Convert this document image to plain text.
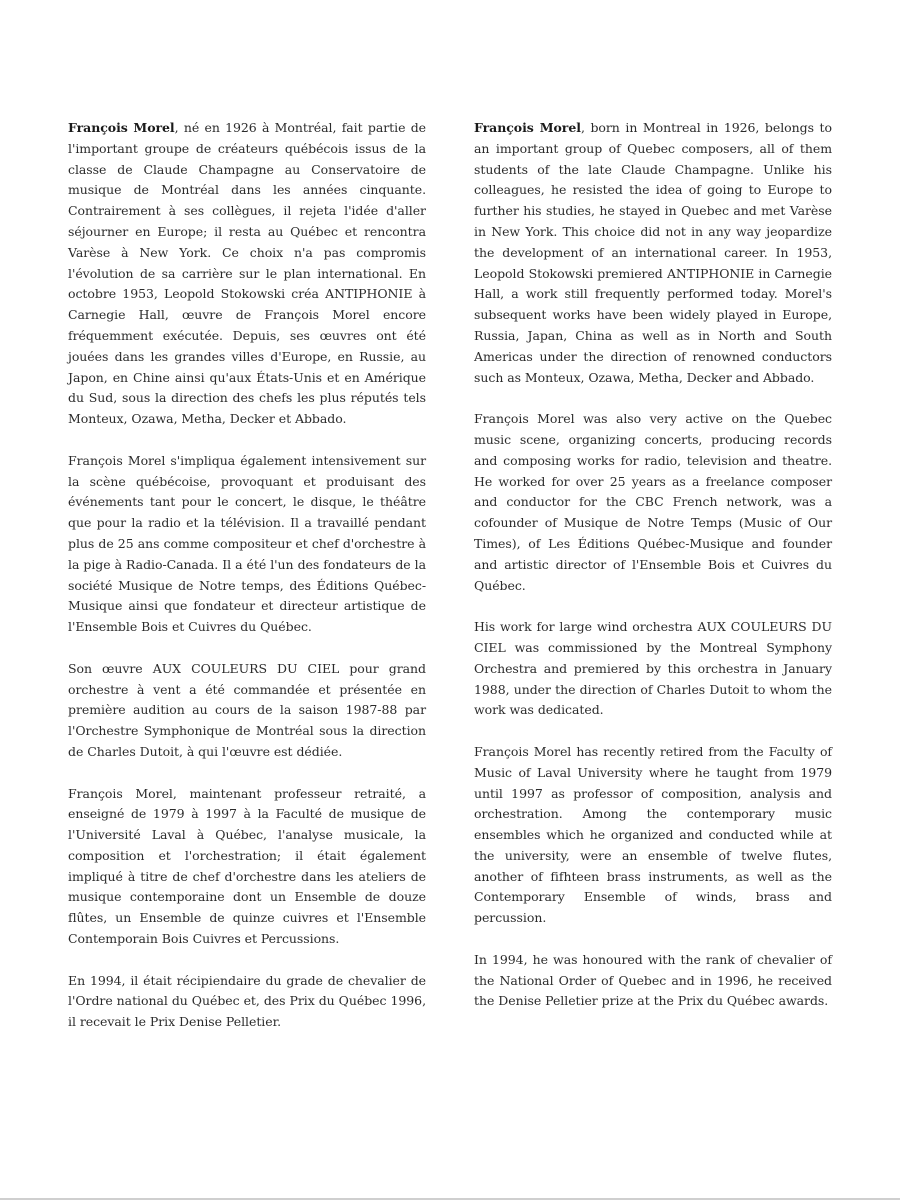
François Morel, né en 1926 à Montréal, fait partie de l'important groupe de créateurs québécois issus de la classe de Claude Champagne au Conservatoire de musique de Montréal dans les années cinquante. Contrairement à ses collègues, il rejeta l'idée d'aller séjourner en Europe; il resta au Québec et rencontra Varèse à New York. Ce choix n'a pas compromis l'évolution de sa carrière sur le plan international. En octobre 1953, Leopold Stokowski créa ANTIPHONIE à Carnegie Hall, œuvre de François Morel encore fréquemment exécutée. Depuis, ses œuvres ont été jouées dans les grandes villes d'Europe, en Russie, au Japon, en Chine ainsi qu'aux États-Unis et en Amérique du Sud, sous la direction des chefs les plus réputés tels Monteux, Ozawa, Metha, Decker et Abbado.

François Morel s'impliqua également intensivement sur la scène québécoise, provoquant et produisant des événements tant pour le concert, le disque, le théâtre que pour la radio et la télévision. Il a travaillé pendant plus de 25 ans comme compositeur et chef d'orchestre à la pige à Radio-Canada. Il a été l'un des fondateurs de la société Musique de Notre temps, des Éditions Québec-Musique ainsi que fondateur et directeur artistique de l'Ensemble Bois et Cuivres du Québec.

Son œuvre AUX COULEURS DU CIEL pour grand orchestre à vent a été commandée et présentée en première audition au cours de la saison 1987-88 par l'Orchestre Symphonique de Montréal sous la direction de Charles Dutoit, à qui l'œuvre est dédiée.

François Morel, maintenant professeur retraité, a enseigné de 1979 à 1997 à la Faculté de musique de l'Université Laval à Québec, l'analyse musicale, la composition et l'orchestration; il était également impliqué à titre de chef d'orchestre dans les ateliers de musique contemporaine dont un Ensemble de douze flûtes, un Ensemble de quinze cuivres et l'Ensemble Contemporain Bois Cuivres et Percussions.

En 1994, il était récipiendaire du grade de chevalier de l'Ordre national du Québec et, des Prix du Québec 1996, il recevait le Prix Denise Pelletier.

François Morel, born in Montreal in 1926, belongs to an important group of Quebec composers, all of them students of the late Claude Champagne. Unlike his colleagues, he resisted the idea of going to Europe to further his studies, he stayed in Quebec and met Varèse in New York. This choice did not in any way jeopardize the development of an international career. In 1953, Leopold Stokowski premiered ANTIPHONIE in Carnegie Hall, a work still frequently performed today. Morel's subsequent works have been widely played in Europe, Russia, Japan, China as well as in North and South Americas under the direction of renowned conductors such as Monteux, Ozawa, Metha, Decker and Abbado.

François Morel was also very active on the Quebec music scene, organizing concerts, producing records and composing works for radio, television and theatre. He worked for over 25 years as a freelance composer and conductor for the CBC French network, was a cofounder of Musique de Notre Temps (Music of Our Times), of Les Éditions Québec-Musique and founder and artistic director of l'Ensemble Bois et Cuivres du Québec.

His work for large wind orchestra AUX COULEURS DU CIEL was commissioned by the Montreal Symphony Orchestra and premiered by this orchestra in January 1988, under the direction of Charles Dutoit to whom the work was dedicated.

François Morel has recently retired from the Faculty of Music of Laval University where he taught from 1979 until 1997 as professor of composition, analysis and orchestration. Among the contemporary music ensembles which he organized and conducted while at the university, were an ensemble of twelve flutes, another of fifhteen brass instruments, as well as the Contemporary Ensemble of winds, brass and percussion.

In 1994, he was honoured with the rank of chevalier of the National Order of Quebec and in 1996, he received the Denise Pelletier prize at the Prix du Québec awards.
